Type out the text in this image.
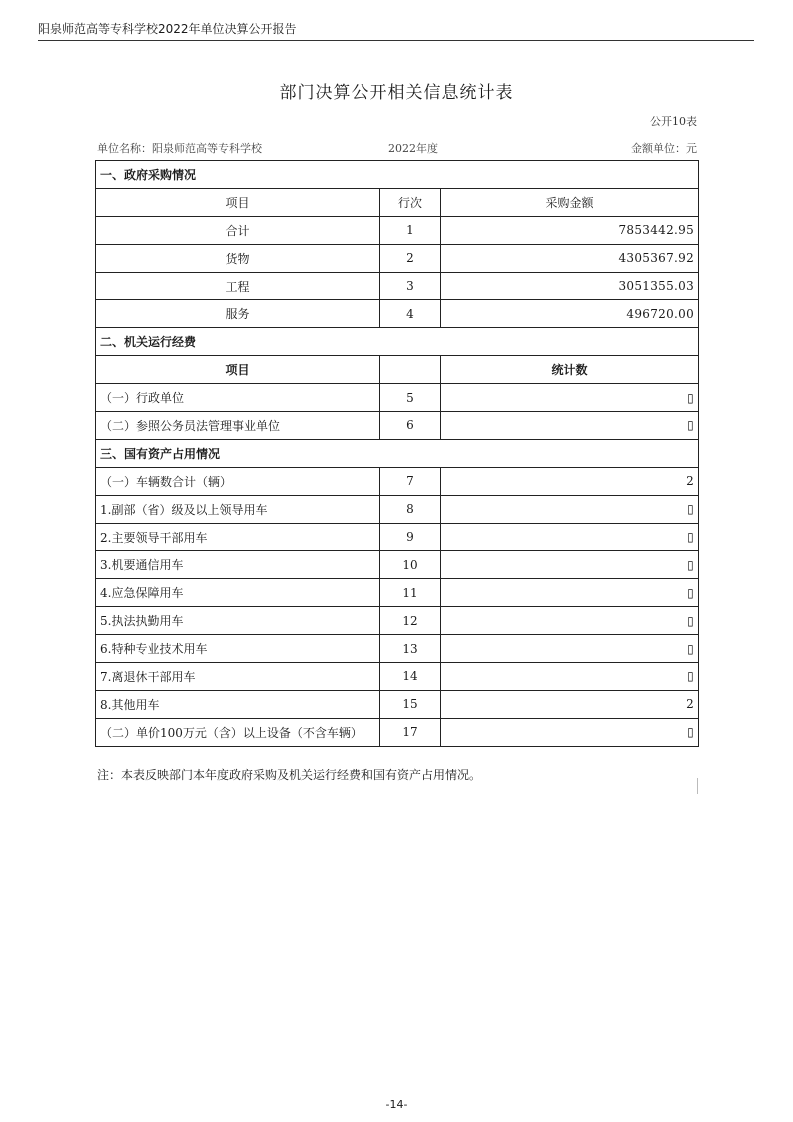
阳泉师范高等专科学校2022年单位决算公开报告
部门决算公开相关信息统计表
公开10表
单位名称：阳泉师范高等专科学校	2022年度	金额单位：元
一、政府采购情况		
项目	行次	采购金额
合计	1	7853442.95
货物	2	4305367.92
工程	3	3051355.03
服务	4	496720.00
二、机关运行经费		
项目		统计数
（一）行政单位	5	▯
（二）参照公务员法管理事业单位	6	▯
三、国有资产占用情况		
（一）车辆数合计（辆）	7	2
1.副部（省）级及以上领导用车	8	▯
2.主要领导干部用车	9	▯
3.机要通信用车	10	▯
4.应急保障用车	11	▯
5.执法执勤用车	12	▯
6.特种专业技术用车	13	▯
7.离退休干部用车	14	▯
8.其他用车	15	2
（二）单价100万元（含）以上设备（不含车辆）	17	▯
注：本表反映部门本年度政府采购及机关运行经费和国有资产占用情况。
-14-
